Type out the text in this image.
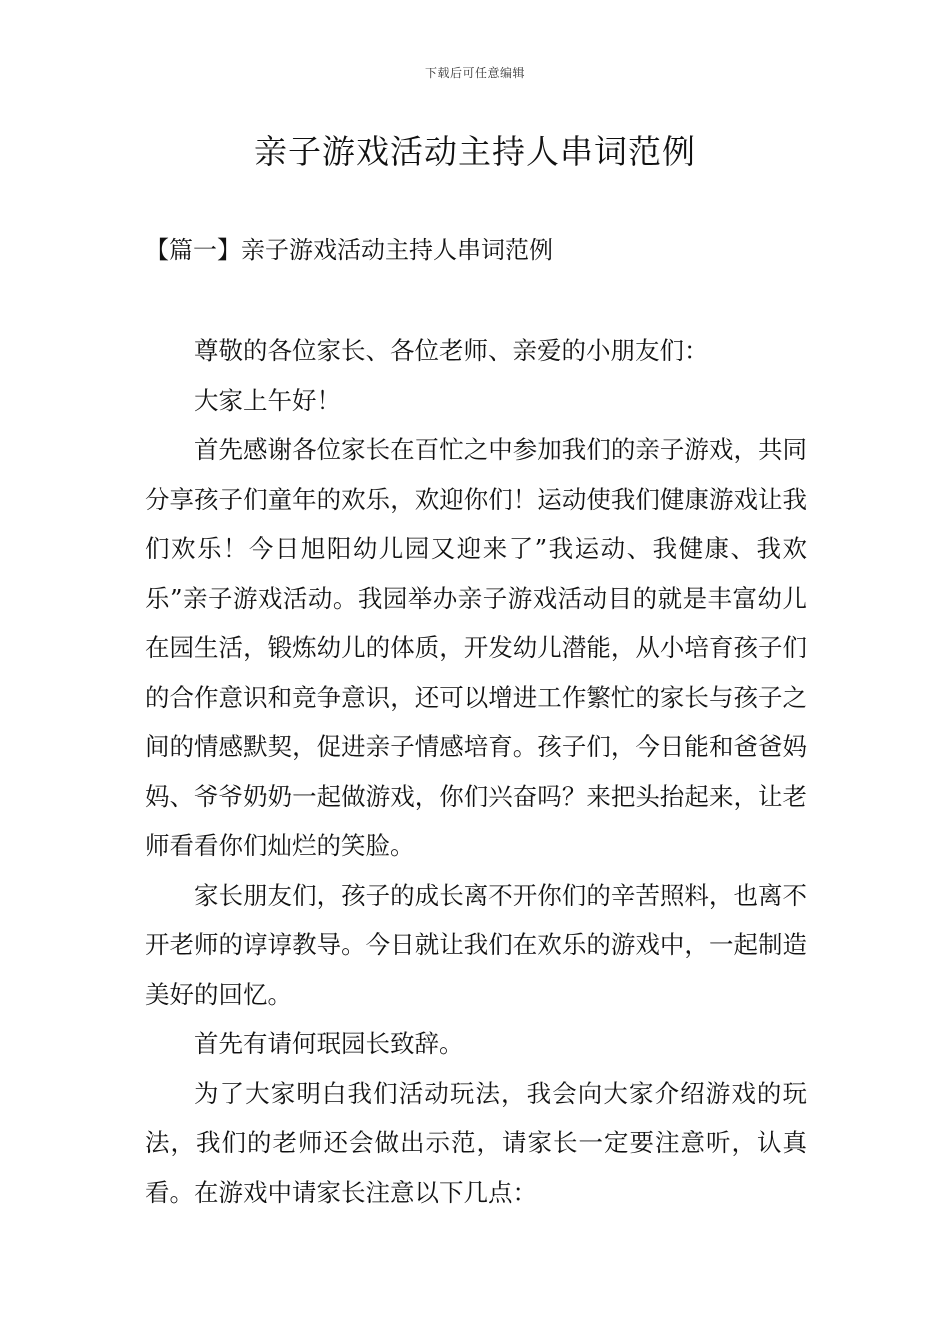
下载后可任意编辑
亲子游戏活动主持人串词范例
【篇一】亲子游戏活动主持人串词范例

尊敬的各位家长、各位老师、亲爱的小朋友们：

大家上午好！

首先感谢各位家长在百忙之中参加我们的亲子游戏，共同分享孩子们童年的欢乐，欢迎你们！运动使我们健康游戏让我们欢乐！今日旭阳幼儿园又迎来了”我运动、我健康、我欢乐”亲子游戏活动。我园举办亲子游戏活动目的就是丰富幼儿在园生活，锻炼幼儿的体质，开发幼儿潜能，从小培育孩子们的合作意识和竞争意识，还可以增进工作繁忙的家长与孩子之间的情感默契，促进亲子情感培育。孩子们，今日能和爸爸妈妈、爷爷奶奶一起做游戏，你们兴奋吗？来把头抬起来，让老师看看你们灿烂的笑脸。

家长朋友们，孩子的成长离不开你们的辛苦照料，也离不开老师的谆谆教导。今日就让我们在欢乐的游戏中，一起制造美好的回忆。

首先有请何珉园长致辞。

为了大家明白我们活动玩法，我会向大家介绍游戏的玩法，我们的老师还会做出示范，请家长一定要注意听，认真看。在游戏中请家长注意以下几点：
